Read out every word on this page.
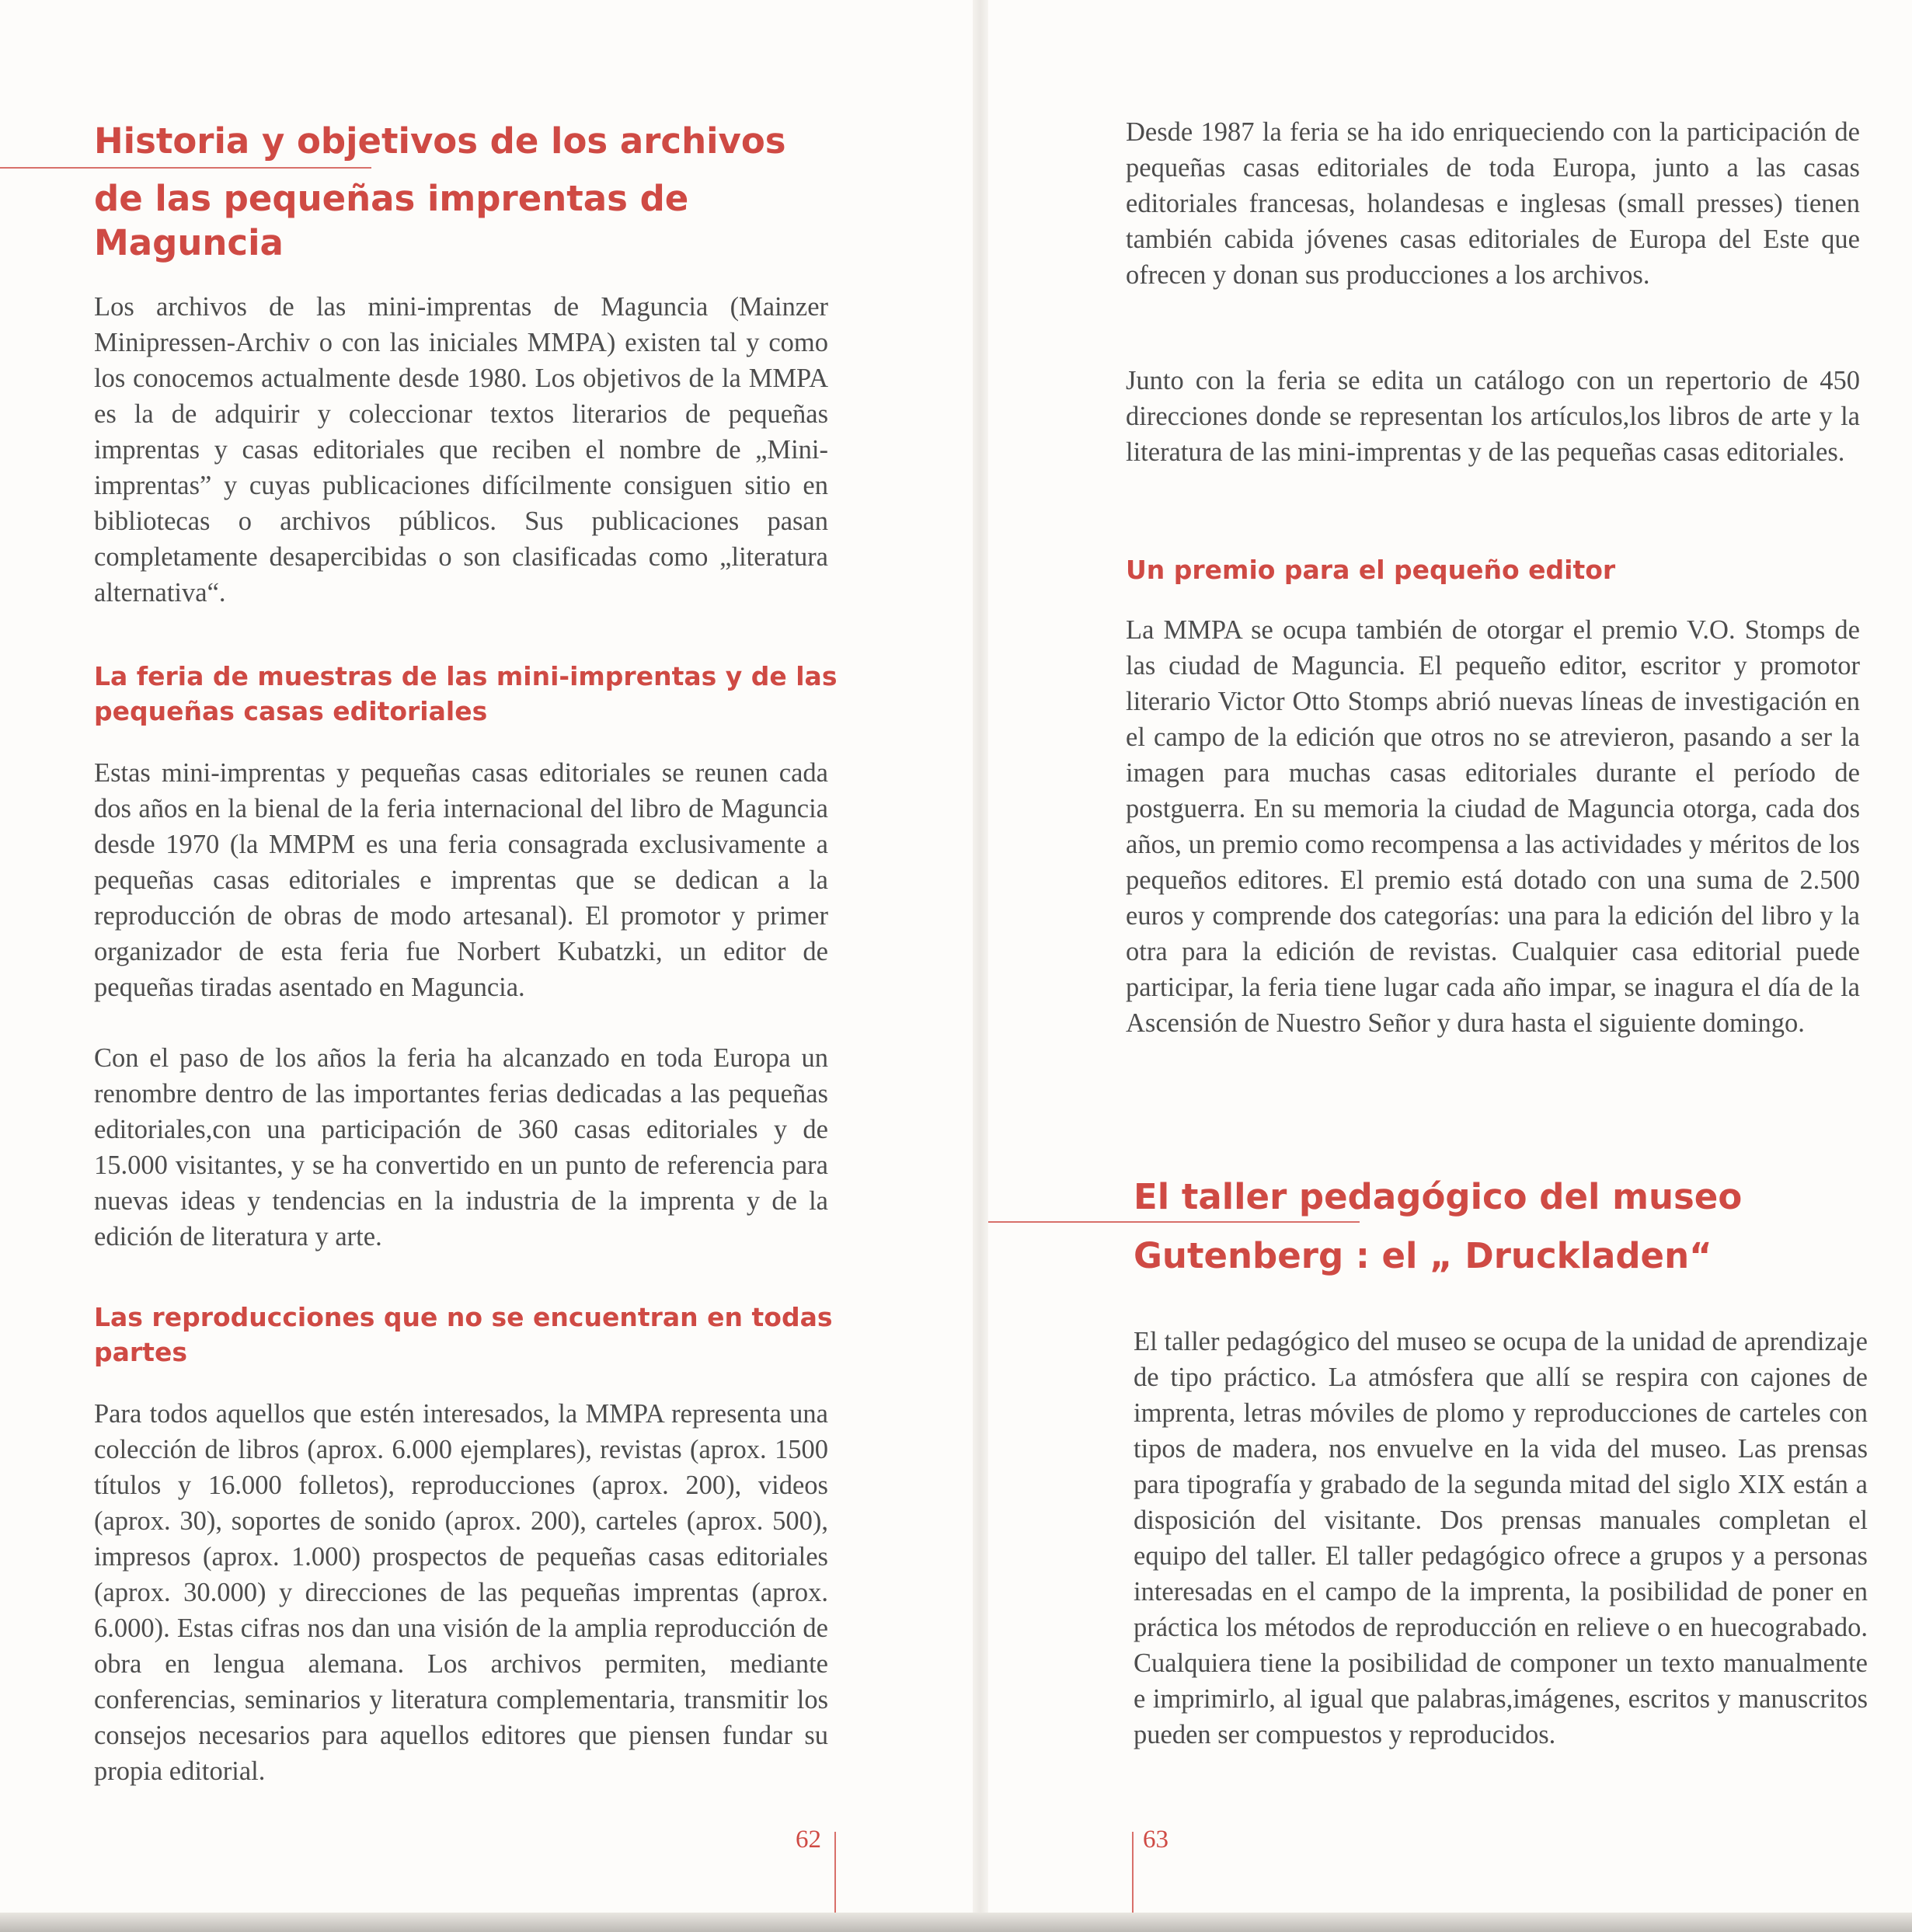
Historia y objetivos de los archivos
de las pequeñas imprentas de
Maguncia

Los archivos de las mini-imprentas de Maguncia (Mainzer Minipressen-Archiv o con las iniciales MMPA) existen tal y como los conocemos actualmente desde 1980. Los objetivos de la MMPA es la de adquirir y coleccionar textos literarios de pequeñas imprentas y casas editoriales que reciben el nombre de „Mini-imprentas” y cuyas publicaciones difícilmente consiguen sitio en bibliotecas o archivos públicos. Sus publicaciones pasan completamente desapercibidas o son clasificadas como „literatura alternativa“.

La feria de muestras de las mini-imprentas y de las
pequeñas casas editoriales

Estas mini-imprentas y pequeñas casas editoriales se reunen cada dos años en la bienal de la feria internacional del libro de Maguncia desde 1970 (la MMPM es una feria consagrada exclusivamente a pequeñas casas editoriales e imprentas que se dedican a la reproducción de obras de modo artesanal). El promotor y primer organizador de esta feria fue Norbert Kubatzki, un editor de pequeñas tiradas asentado en Maguncia.

Con el paso de los años la feria ha alcanzado en toda Europa un renombre dentro de las importantes ferias dedicadas a las pequeñas editoriales,con una participación de 360 casas editoriales y de 15.000 visitantes, y se ha convertido en un punto de referencia para nuevas ideas y tendencias en la industria de la imprenta y de la edición de literatura y arte.

Las reproducciones que no se encuentran en todas
partes

Para todos aquellos que estén interesados, la MMPA representa una colección de libros (aprox. 6.000 ejemplares), revistas (aprox. 1500 títulos y 16.000 folletos), reproducciones (aprox. 200), videos (aprox. 30), soportes de sonido (aprox. 200), carteles (aprox. 500), impresos (aprox. 1.000) prospectos de pequeñas casas editoriales (aprox. 30.000) y direcciones de las pequeñas imprentas (aprox. 6.000). Estas cifras nos dan una visión de la amplia reproducción de obra en lengua alemana. Los archivos permiten, mediante conferencias, seminarios y literatura complementaria, transmitir los consejos necesarios para aquellos editores que piensen fundar su propia editorial.

62

Desde 1987 la feria se ha ido enriqueciendo con la participación de pequeñas casas editoriales de toda Europa, junto a las casas editoriales francesas, holandesas e inglesas (small presses) tienen también cabida jóvenes casas editoriales de Europa del Este que ofrecen y donan sus producciones a los archivos.

Junto con la feria se edita un catálogo con un repertorio de 450 direcciones donde se representan los artículos,los libros de arte y la literatura de las mini-imprentas y de las pequeñas casas editoriales.

Un premio para el pequeño editor

La MMPA se ocupa también de otorgar el premio V.O. Stomps de las ciudad de Maguncia. El pequeño editor, escritor y promotor literario Victor Otto Stomps abrió nuevas líneas de investigación en el campo de la edición que otros no se atrevieron, pasando a ser la imagen para muchas casas editoriales durante el período de postguerra. En su memoria la ciudad de Maguncia otorga, cada dos años, un premio como recompensa a las actividades y méritos de los pequeños editores. El premio está dotado con una suma de 2.500 euros y comprende dos categorías: una para la edición del libro y la otra para la edición de revistas. Cualquier casa editorial puede participar, la feria tiene lugar cada año impar, se inagura el día de la Ascensión de Nuestro Señor y dura hasta el siguiente domingo.

El taller pedagógico del museo
Gutenberg : el „ Druckladen“

El taller pedagógico del museo se ocupa de la unidad de aprendizaje de tipo práctico. La atmósfera que allí se respira con cajones de imprenta, letras móviles de plomo y reproducciones de carteles con tipos de madera, nos envuelve en la vida del museo. Las prensas para tipografía y grabado de la segunda mitad del siglo XIX están a disposición del visitante. Dos prensas manuales completan el equipo del taller. El taller pedagógico ofrece a grupos y a personas interesadas en el campo de la imprenta, la posibilidad de poner en práctica los métodos de reproducción en relieve o en huecograbado. Cualquiera tiene la posibilidad de componer un texto manualmente e imprimirlo, al igual que palabras,imágenes, escritos y manuscritos pueden ser compuestos y reproducidos.

63
